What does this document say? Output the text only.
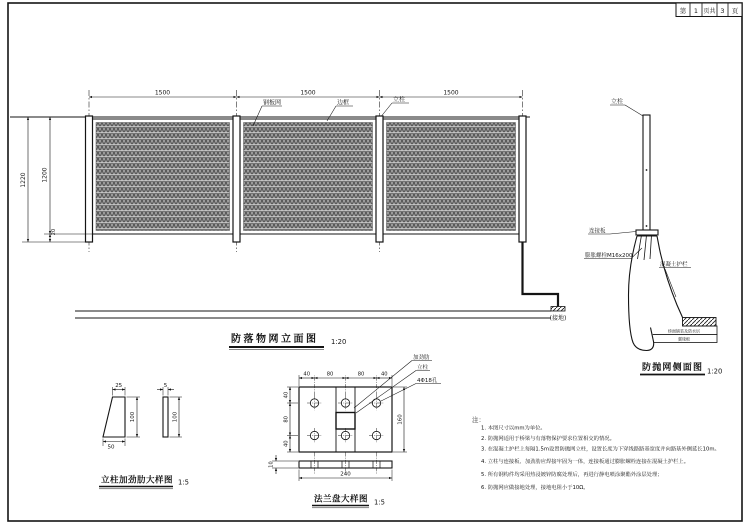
第 1 页共 3 页
1500	1500	1500
1220 1200
20
钢板网	边框	立柱
(接地)
防落物网立面图 1:20
立柱
桥面铺装及防水层
翼缘板
连接板
膨胀螺栓M16x200
混凝土护栏
防抛网侧面图 1:20
25
100
50
5
100
立柱加劲肋大样图 1:5
40	80	80	40
40
80
40
160
10
240
加劲肋
立柱
4Φ18孔
法兰盘大样图 1:5
注：
1. 本图尺寸以mm为单位。
2. 防抛网适用于桥梁与有落物保护要求位置相交的情况。
3. 在混凝土护栏上每隔1.5m设置防抛网立柱，设置长度为下穿线路路基宽度并向路基外侧延长10m。
4. 立柱与连接板、加劲肋应焊接牢固为一体，连接板通过膨胀螺栓连接在混凝土护栏上。
5. 所有钢构件均采用热浸镀锌防腐处理后，再进行静电喷涂聚酯外涂层处理；
6. 防抛网应做接地处理，接地电阻小于10Ω。
